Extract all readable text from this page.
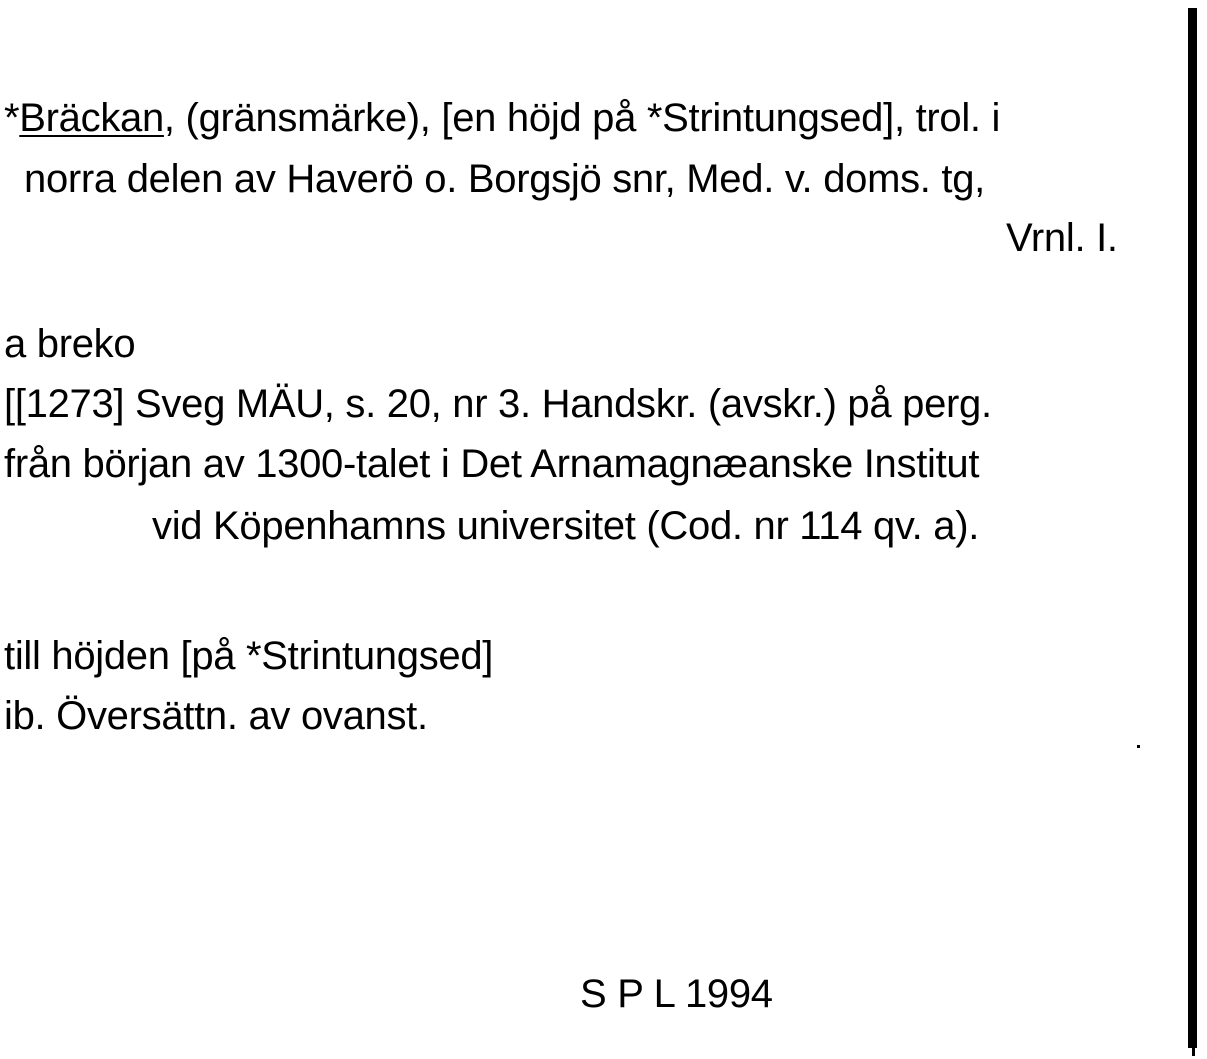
*Bräckan, (gränsmärke), [en höjd på *Strintungsed], trol. i
norra delen av Haverö o. Borgsjö snr, Med. v. doms. tg,
Vrnl. I.
a breko
[[1273] Sveg MÄU, s. 20, nr 3. Handskr. (avskr.) på perg.
från början av 1300-talet i Det Arnamagnæanske Institut
vid Köpenhamns universitet (Cod. nr 114 qv. a).
till höjden [på *Strintungsed]
ib. Översättn. av ovanst.
S P L 1994
